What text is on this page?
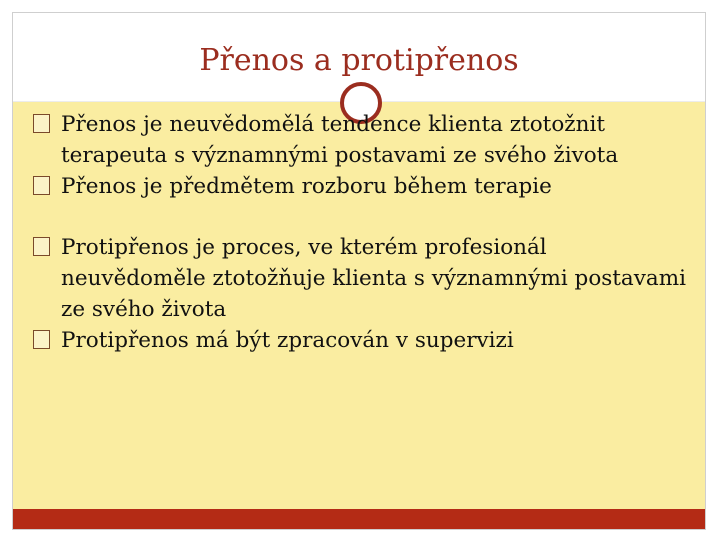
Přenos a protipřenos
Přenos je neuvědomělá tendence klienta ztotožnit terapeuta s významnými postavami ze svého života
Přenos je předmětem rozboru během terapie
Protipřenos je proces, ve kterém profesionál neuvědoměle ztotožňuje klienta s významnými postavami ze svého života
Protipřenos má být zpracován v supervizi
